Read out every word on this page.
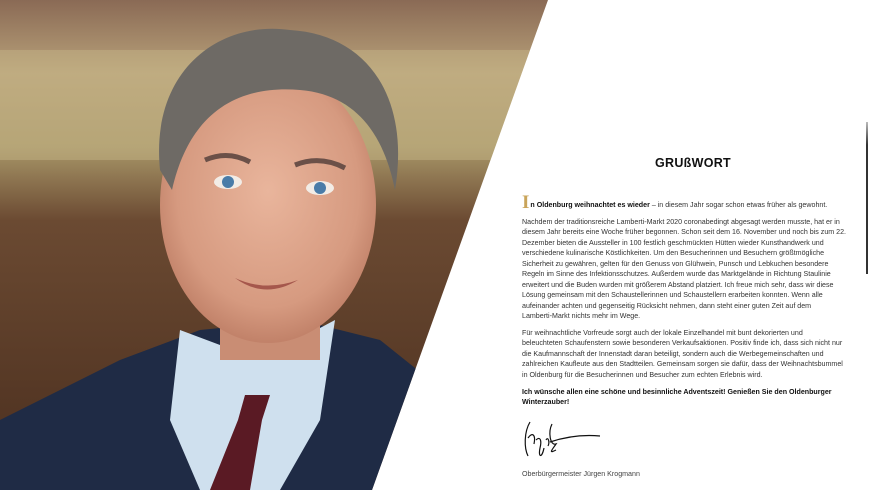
GRUßWORT

In Oldenburg weihnachtet es wieder – in diesem Jahr sogar schon etwas früher als gewohnt.

Nachdem der traditionsreiche Lamberti-Markt 2020 coronabedingt abgesagt werden musste, hat er in
diesem Jahr bereits eine Woche früher begonnen. Schon seit dem 16. November und noch bis zum 22.
Dezember bieten die Aussteller in 100 festlich geschmückten Hütten wieder Kunsthandwerk und
verschiedene kulinarische Köstlichkeiten. Um den Besucherinnen und Besuchern größtmögliche
Sicherheit zu gewähren, gelten für den Genuss von Glühwein, Punsch und Lebkuchen besondere
Regeln im Sinne des Infektionsschutzes. Außerdem wurde das Marktgelände in Richtung Staulinie
erweitert und die Buden wurden mit größerem Abstand platziert. Ich freue mich sehr, dass wir diese
Lösung gemeinsam mit den Schaustellerinnen und Schaustellern erarbeiten konnten. Wenn alle
aufeinander achten und gegenseitig Rücksicht nehmen, dann steht einer guten Zeit auf dem
Lamberti-Markt nichts mehr im Wege.

Für weihnachtliche Vorfreude sorgt auch der lokale Einzelhandel mit bunt dekorierten und
beleuchteten Schaufenstern sowie besonderen Verkaufsaktionen. Positiv finde ich, dass sich nicht nur
die Kaufmannschaft der Innenstadt daran beteiligt, sondern auch die Werbegemeinschaften und
zahlreichen Kaufleute aus den Stadtteilen. Gemeinsam sorgen sie dafür, dass der Weihnachtsbummel
in Oldenburg für die Besucherinnen und Besucher zum echten Erlebnis wird.

Ich wünsche allen eine schöne und besinnliche Adventszeit! Genießen Sie den Oldenburger
Winterzauber!

Oberbürgermeister Jürgen Krogmann
